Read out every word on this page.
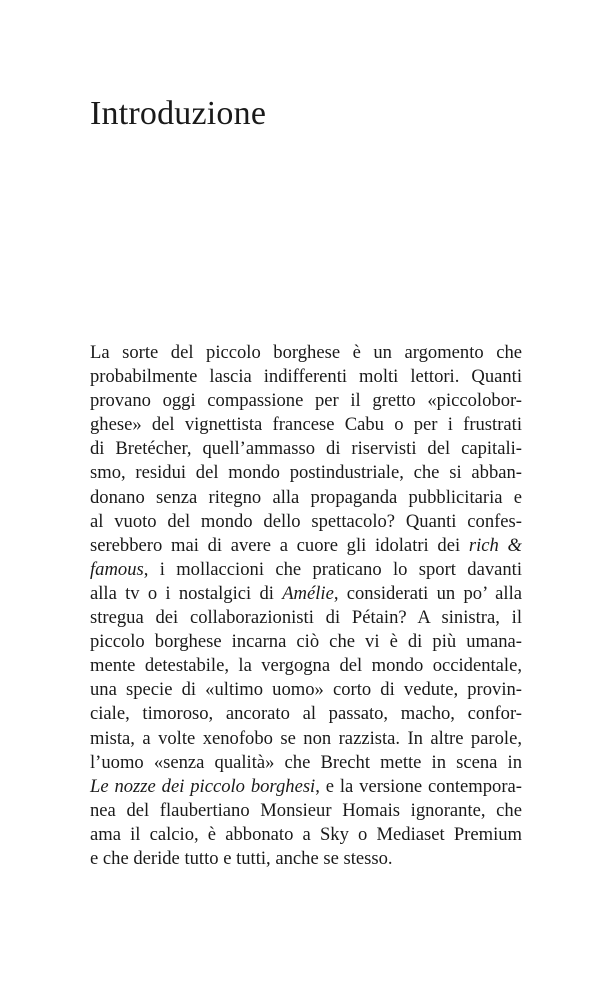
Introduzione
La sorte del piccolo borghese è un argomento che
probabilmente lascia indifferenti molti lettori. Quanti
provano oggi compassione per il gretto «piccolobor-
ghese» del vignettista francese Cabu o per i frustrati
di Bretécher, quell’ammasso di riservisti del capitali-
smo, residui del mondo postindustriale, che si abban-
donano senza ritegno alla propaganda pubblicitaria e
al vuoto del mondo dello spettacolo? Quanti confes-
serebbero mai di avere a cuore gli idolatri dei rich &
famous, i mollaccioni che praticano lo sport davanti
alla tv o i nostalgici di Amélie, considerati un po’ alla
stregua dei collaborazionisti di Pétain? A sinistra, il
piccolo borghese incarna ciò che vi è di più umana-
mente detestabile, la vergogna del mondo occidentale,
una specie di «ultimo uomo» corto di vedute, provin-
ciale, timoroso, ancorato al passato, macho, confor-
mista, a volte xenofobo se non razzista. In altre parole,
l’uomo «senza qualità» che Brecht mette in scena in
Le nozze dei piccolo borghesi, e la versione contempora-
nea del flaubertiano Monsieur Homais ignorante, che
ama il calcio, è abbonato a Sky o Mediaset Premium
e che deride tutto e tutti, anche se stesso.
